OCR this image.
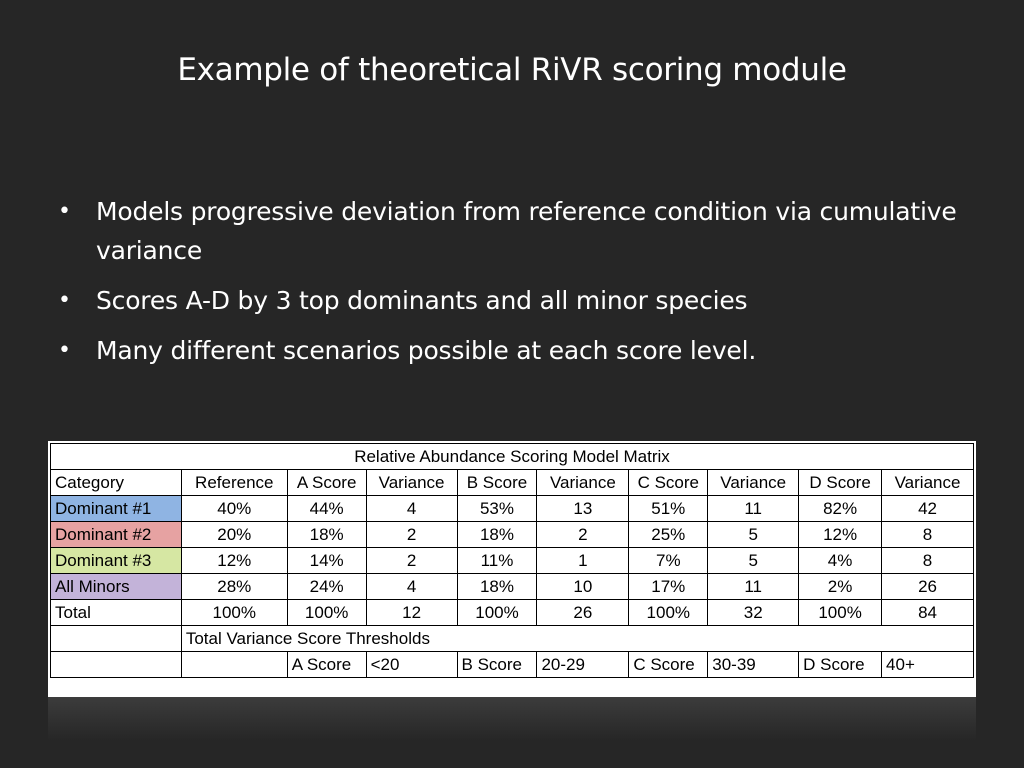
Example of theoretical RiVR scoring module
• Models progressive deviation from reference condition via cumulative variance
• Scores A-D by 3 top dominants and all minor species
• Many different scenarios possible at each score level.
Relative Abundance Scoring Model Matrix									
Category	Reference	A Score	Variance	B Score	Variance	C Score	Variance	D Score	Variance
Dominant #1	40%	44%	4	53%	13	51%	11	82%	42
Dominant #2	20%	18%	2	18%	2	25%	5	12%	8
Dominant #3	12%	14%	2	11%	1	7%	5	4%	8
All Minors	28%	24%	4	18%	10	17%	11	2%	26
Total	100%	100%	12	100%	26	100%	32	100%	84
	Total Variance Score Thresholds								
		A Score	<20	B Score	20-29	C Score	30-39	D Score	40+
